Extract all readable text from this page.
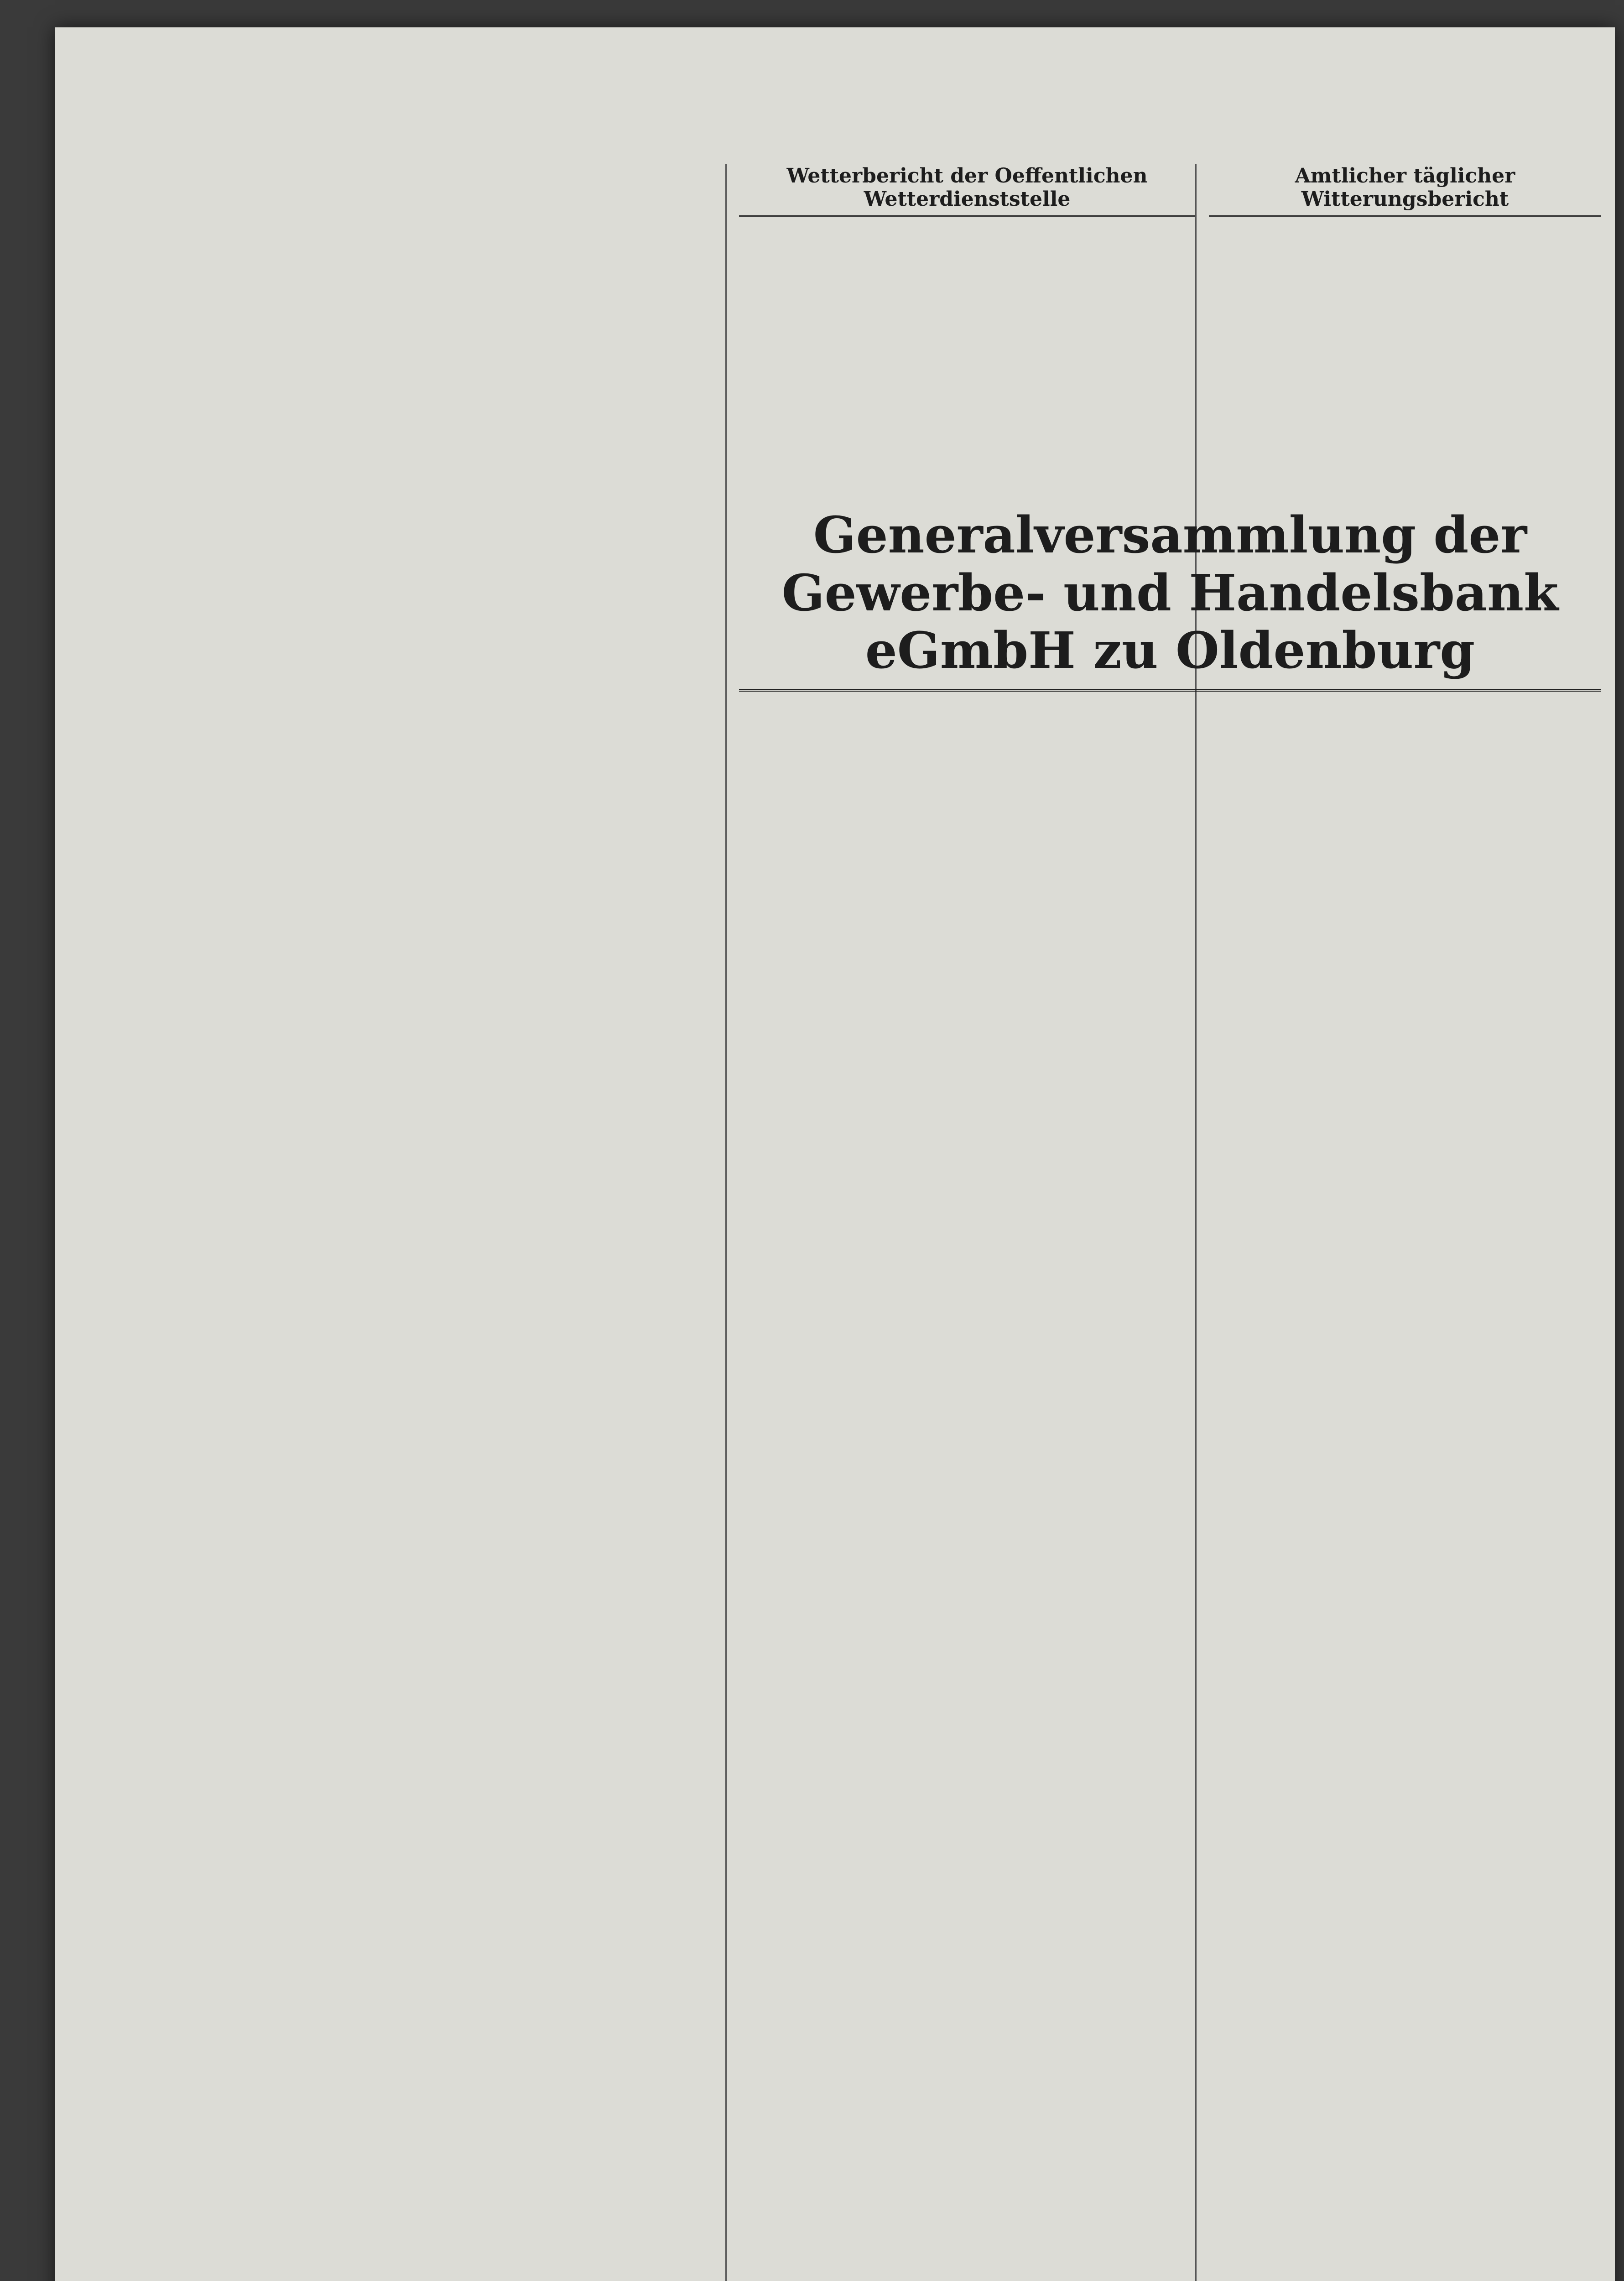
Wetterbericht der Oeffentlichen Wetterdienststelle
Amtlicher täglicher Witterungsbericht
Generalversammlung der Gewerbe- und Handelsbank eGmbH zu Oldenburg
